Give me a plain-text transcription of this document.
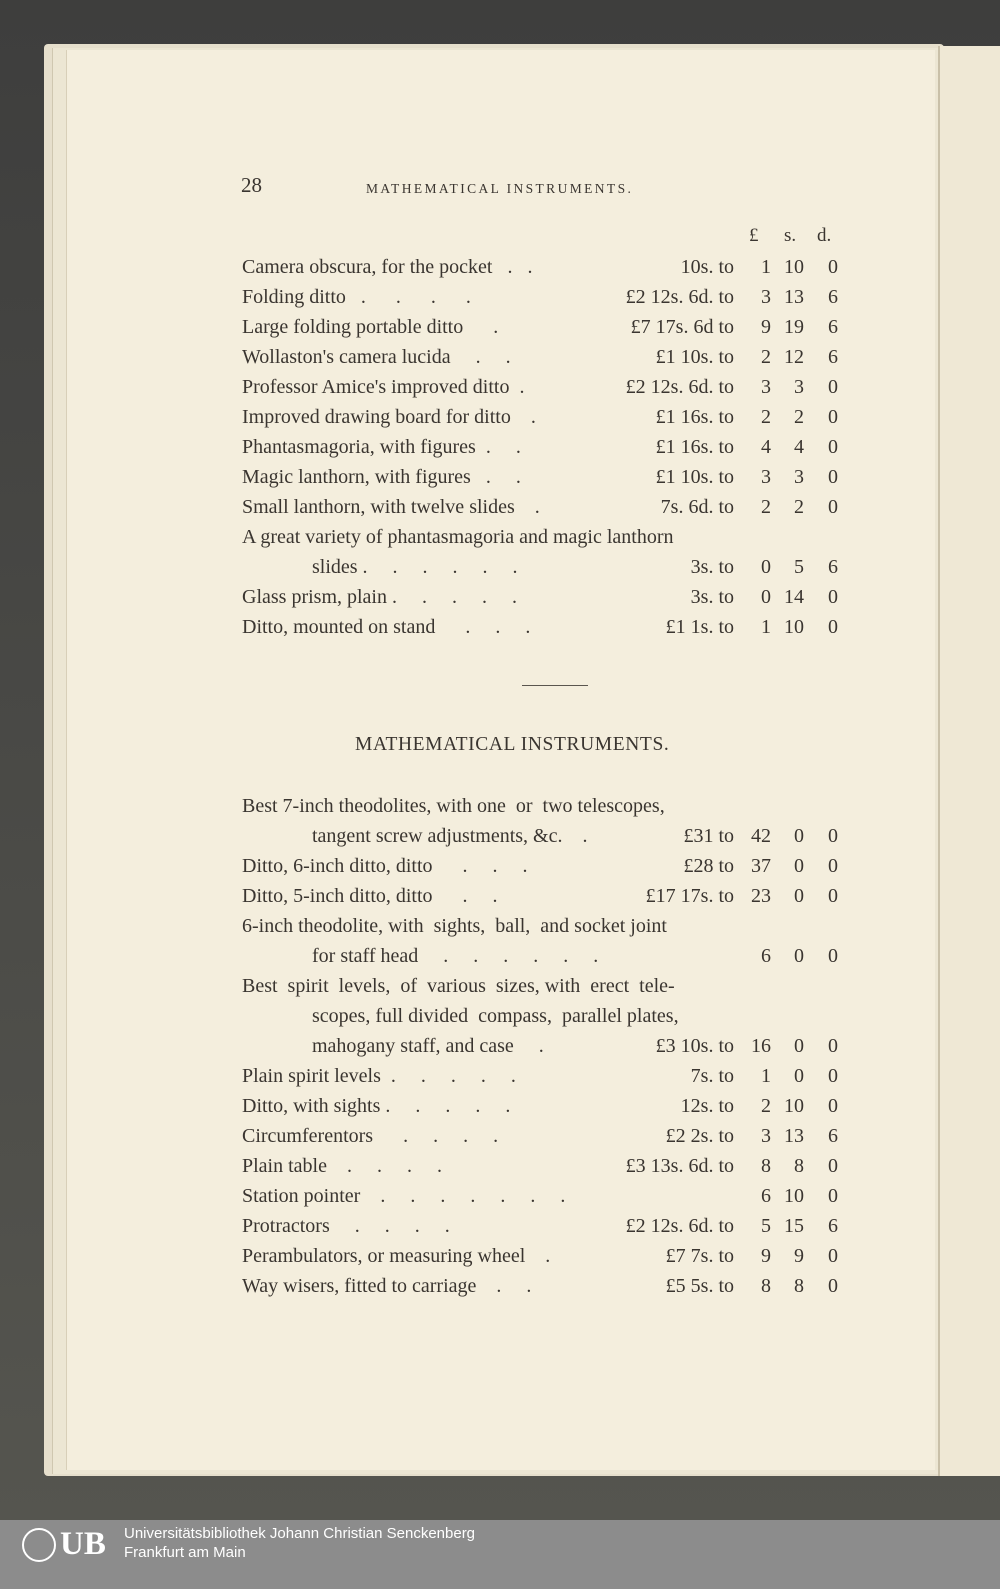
28	MATHEMATICAL INSTRUMENTS.
£ s. d.
Camera obscura, for the pocket   .   .	10s. to 1 10 0
Folding ditto   .      .      .      .	£2 12s. 6d. to 3 13 6
Large folding portable ditto      .	£7 17s. 6d to 9 19 6
Wollaston's camera lucida     .     .	£1 10s. to 2 12 6
Professor Amice's improved ditto  .	£2 12s. 6d. to 3 3 0
Improved drawing board for ditto    .	£1 16s. to 2 2 0
Phantasmagoria, with figures  .     .	£1 16s. to 4 4 0
Magic lanthorn, with figures   .     .	£1 10s. to 3 3 0
Small lanthorn, with twelve slides    .	7s. 6d. to 2 2 0
A great variety of phantasmagoria and magic lanthorn
slides .     .     .     .     .     .	3s. to 0 5 6
Glass prism, plain .     .     .     .     .	3s. to 0 14 0
Ditto, mounted on stand      .     .     .	£1 1s. to 1 10 0
MATHEMATICAL INSTRUMENTS.
Best 7-inch theodolites, with one  or  two telescopes,
tangent screw adjustments, &c.    .	£31 to 42 0 0
Ditto, 6-inch ditto, ditto      .     .     .	£28 to 37 0 0
Ditto, 5-inch ditto, ditto      .     .	£17 17s. to 23 0 0
6-inch theodolite, with  sights,  ball,  and socket joint
for staff head     .     .     .     .     .     .	6 0 0
Best  spirit  levels,  of  various  sizes, with  erect  tele-
scopes, full divided  compass,  parallel plates,
mahogany staff, and case     .	£3 10s. to 16 0 0
Plain spirit levels  .     .     .     .     .	7s. to 1 0 0
Ditto, with sights .     .     .     .     .	12s. to 2 10 0
Circumferentors      .     .     .     .	£2 2s. to 3 13 6
Plain table    .     .     .     .	£3 13s. 6d. to 8 8 0
Station pointer    .     .     .     .     .     .     .	6 10 0
Protractors     .     .     .     .	£2 12s. 6d. to 5 15 6
Perambulators, or measuring wheel    .	£7 7s. to 9 9 0
Way wisers, fitted to carriage    .     .	£5 5s. to 8 8 0
UB Universitätsbibliothek Johann Christian Senckenberg
Frankfurt am Main
